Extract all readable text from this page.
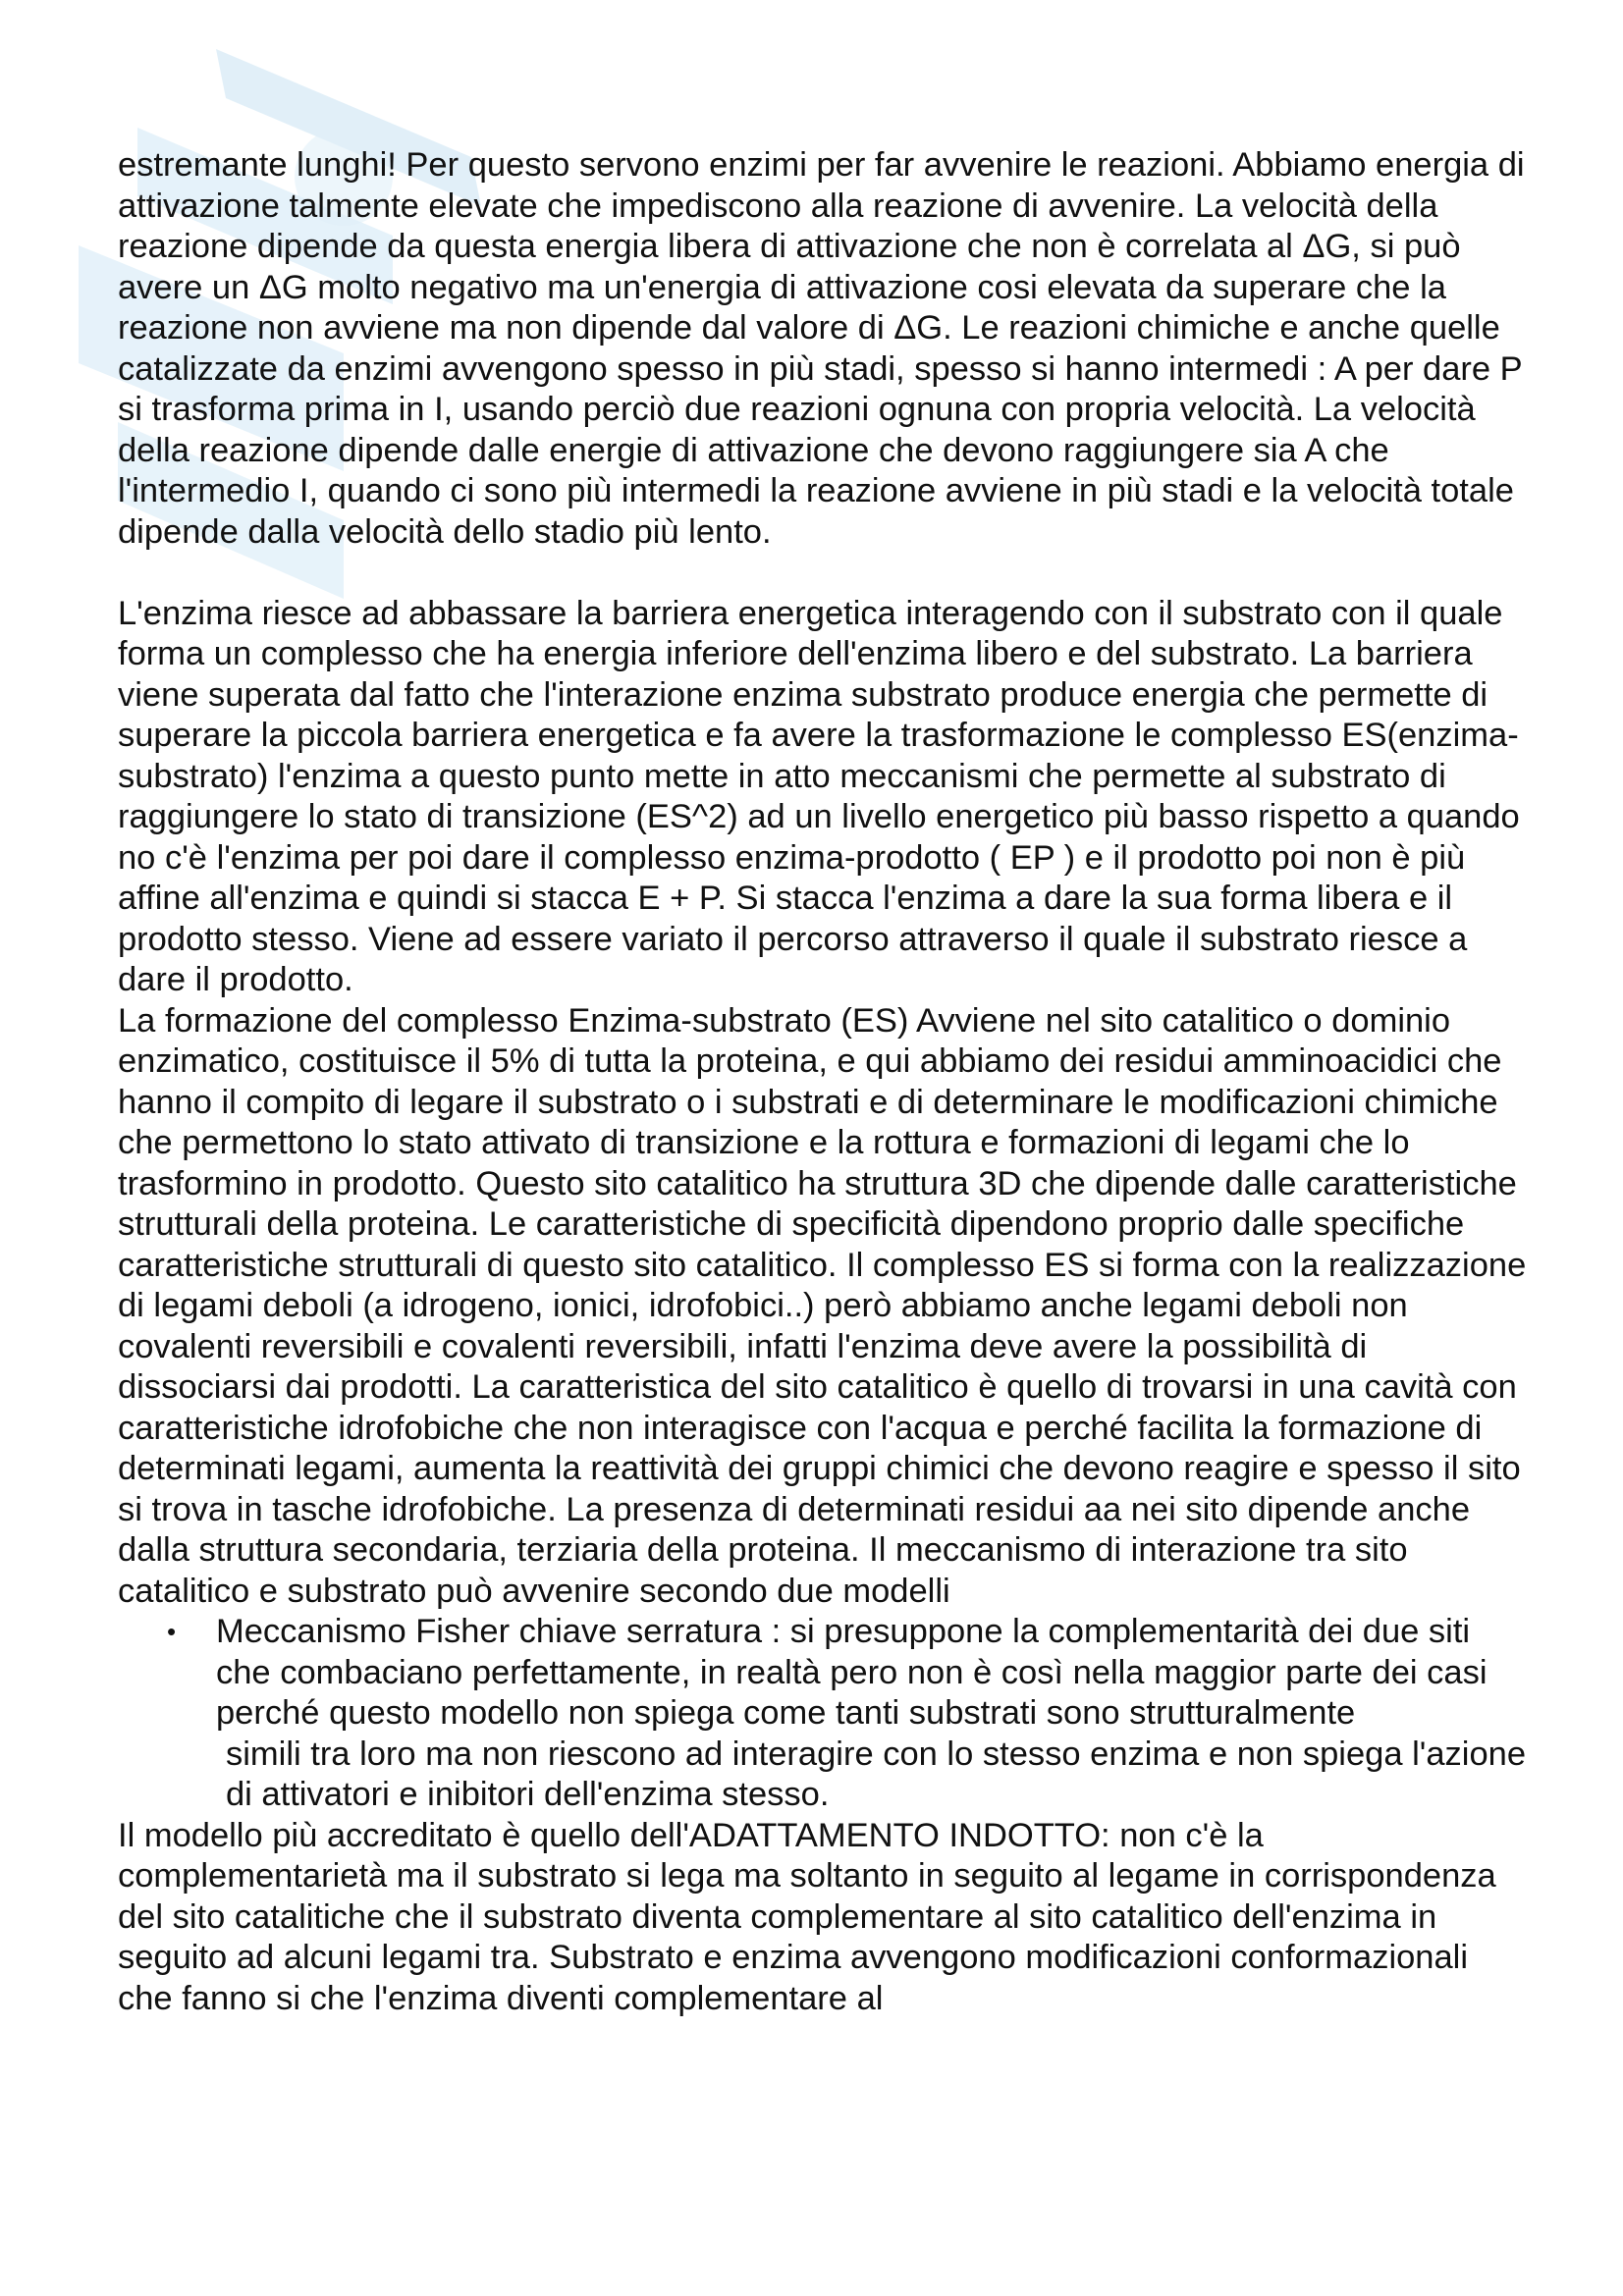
estremante lunghi! Per questo servono enzimi per far avvenire le reazioni. Abbiamo energia di attivazione talmente elevate che impediscono alla reazione di avvenire. La velocità della reazione dipende da questa energia libera di attivazione che non è correlata al ΔG, si può avere un ΔG molto negativo ma un'energia di attivazione cosi elevata da superare che la reazione non avviene ma non dipende dal valore di ΔG. Le reazioni chimiche e anche quelle catalizzate da enzimi avvengono spesso in più stadi, spesso si hanno intermedi : A per dare P si trasforma prima in I, usando perciò due reazioni ognuna con propria velocità. La velocità della reazione dipende dalle energie di attivazione che devono raggiungere sia A che l'intermedio I, quando ci sono più intermedi la reazione avviene in più stadi e la velocità totale dipende dalla velocità dello stadio più lento.

L'enzima riesce ad abbassare la barriera energetica interagendo con il substrato con il quale forma un complesso che ha energia inferiore dell'enzima libero e del substrato. La barriera viene superata dal fatto che l'interazione enzima substrato produce energia che permette di superare la piccola barriera energetica e fa avere la trasformazione le complesso ES(enzima-substrato) l'enzima a questo punto mette in atto meccanismi che permette al substrato di raggiungere lo stato di transizione (ES^2) ad un livello energetico più basso rispetto a quando no c'è l'enzima per poi dare il complesso enzima-prodotto ( EP ) e il prodotto poi non è più affine all'enzima e quindi si stacca E + P. Si stacca l'enzima a dare la sua forma libera e il prodotto stesso. Viene ad essere variato il percorso attraverso il quale il substrato riesce a dare il prodotto.

La formazione del complesso Enzima-substrato (ES) Avviene nel sito catalitico o dominio enzimatico, costituisce il 5% di tutta la proteina, e qui abbiamo dei residui amminoacidici che hanno il compito di legare il substrato o i substrati e di determinare le modificazioni chimiche che permettono lo stato attivato di transizione e la rottura e formazioni di legami che lo trasformino in prodotto. Questo sito catalitico ha struttura 3D che dipende dalle caratteristiche strutturali della proteina. Le caratteristiche di specificità dipendono proprio dalle specifiche caratteristiche strutturali di questo sito catalitico. Il complesso ES si forma con la realizzazione di legami deboli (a idrogeno, ionici, idrofobici..) però abbiamo anche legami deboli non covalenti reversibili e covalenti reversibili, infatti l'enzima deve avere la possibilità di dissociarsi dai prodotti. La caratteristica del sito catalitico è quello di trovarsi in una cavità con caratteristiche idrofobiche che non interagisce con l'acqua e perché facilita la formazione di determinati legami, aumenta la reattività dei gruppi chimici che devono reagire e spesso il sito si trova in tasche idrofobiche. La presenza di determinati residui aa nei sito dipende anche dalla struttura secondaria, terziaria della proteina. Il meccanismo di interazione tra sito catalitico e substrato può avvenire secondo due modelli

• Meccanismo Fisher chiave serratura : si presuppone la complementarità dei due siti che combaciano perfettamente, in realtà pero non è così nella maggior parte dei casi perché questo modello non spiega come tanti substrati sono strutturalmente
simili tra loro ma non riescono ad interagire con lo stesso enzima e non spiega l'azione di attivatori e inibitori dell'enzima stesso.

Il modello più accreditato è quello dell'ADATTAMENTO INDOTTO: non c'è la complementarietà ma il substrato si lega ma soltanto in seguito al legame in corrispondenza del sito catalitiche che il substrato diventa complementare al sito catalitico dell'enzima in seguito ad alcuni legami tra. Substrato e enzima avvengono modificazioni conformazionali che fanno si che l'enzima diventi complementare al
